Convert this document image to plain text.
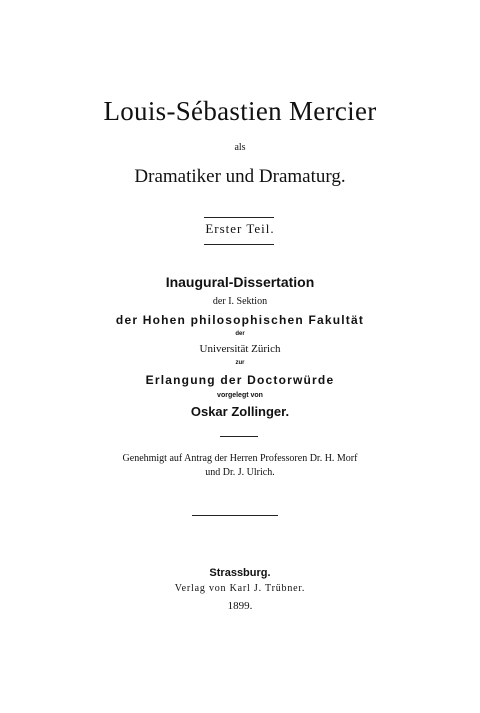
Louis-Sébastien Mercier
als
Dramatiker und Dramaturg.
Erster Teil.
Inaugural-Dissertation
der I. Sektion
der Hohen philosophischen Fakultät
der
Universität Zürich
zur
Erlangung der Doctorwürde
vorgelegt von
Oskar Zollinger.
Genehmigt auf Antrag der Herren Professoren Dr. H. Morf
und Dr. J. Ulrich.
Strassburg.
Verlag von Karl J. Trübner.
1899.
